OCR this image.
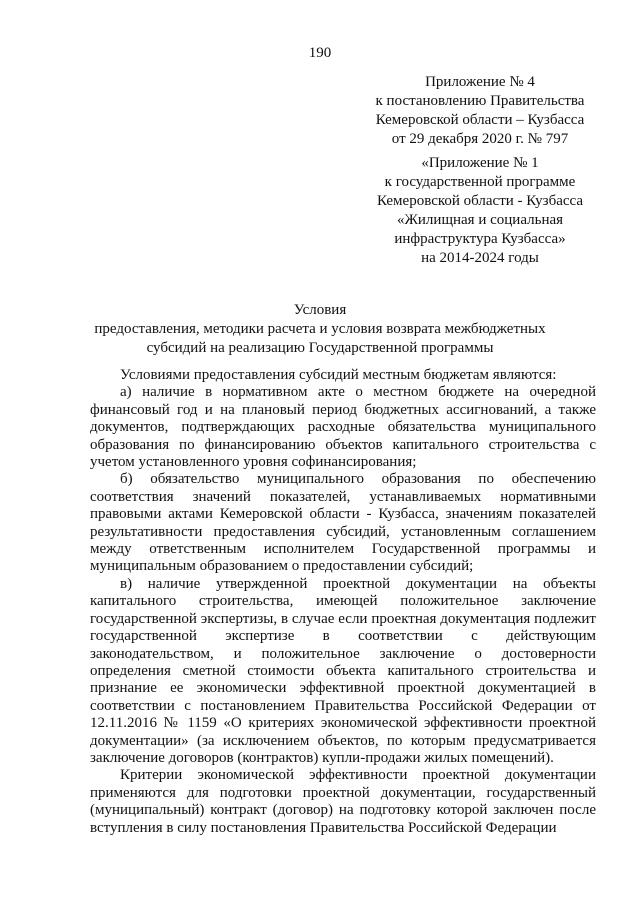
190
Приложение № 4
к постановлению Правительства
Кемеровской области – Кузбасса
от 29 декабря 2020 г. № 797
«Приложение № 1
к государственной программе
Кемеровской области - Кузбасса
«Жилищная и социальная
инфраструктура Кузбасса»
на 2014-2024 годы
Условия
предоставления, методики расчета и условия возврата межбюджетных
субсидий на реализацию Государственной программы

Условиями предоставления субсидий местным бюджетам являются:

а) наличие в нормативном акте о местном бюджете на очередной финансовый год и на плановый период бюджетных ассигнований, а также документов, подтверждающих расходные обязательства муниципального образования по финансированию объектов капитального строительства с учетом установленного уровня софинансирования;

б) обязательство муниципального образования по обеспечению соответствия значений показателей, устанавливаемых нормативными правовыми актами Кемеровской области - Кузбасса, значениям показателей результативности предоставления субсидий, установленным соглашением между ответственным исполнителем Государственной программы и муниципальным образованием о предоставлении субсидий;

в) наличие утвержденной проектной документации на объекты капитального строительства, имеющей положительное заключение государственной экспертизы, в случае если проектная документация подлежит государственной экспертизе в соответствии с действующим законодательством, и положительное заключение о достоверности определения сметной стоимости объекта капитального строительства и признание ее экономически эффективной проектной документацией в соответствии с постановлением Правительства Российской Федерации от 12.11.2016 № 1159 «О критериях экономической эффективности проектной документации» (за исключением объектов, по которым предусматривается заключение договоров (контрактов) купли-продажи жилых помещений).

Критерии экономической эффективности проектной документации применяются для подготовки проектной документации, государственный (муниципальный) контракт (договор) на подготовку которой заключен после вступления в силу постановления Правительства Российской Федерации
